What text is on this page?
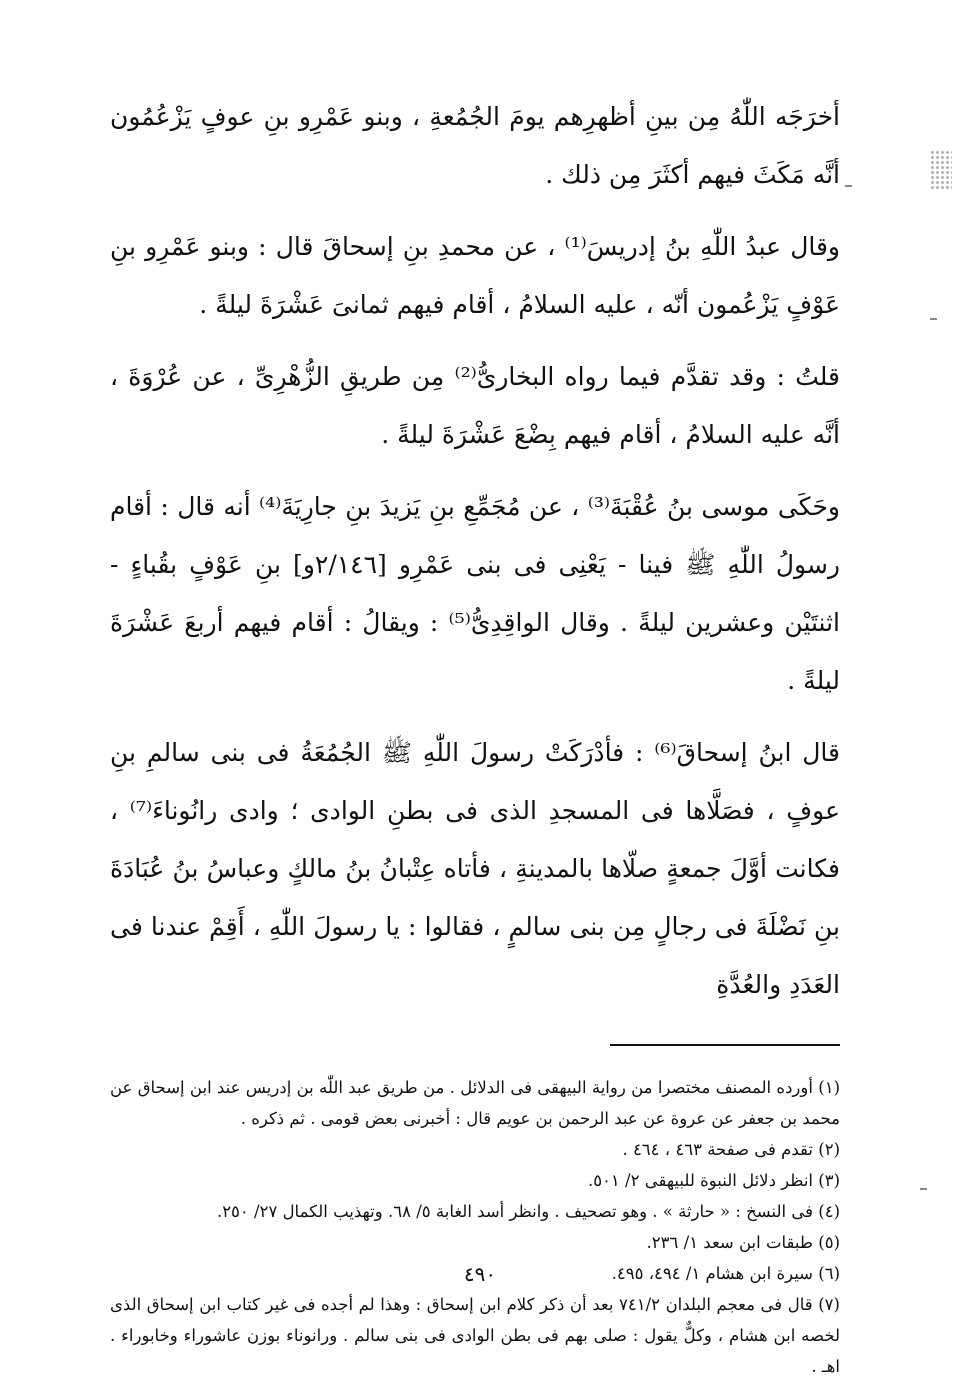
أخرَجَه اللّٰهُ مِن بينِ أظهرِهم يومَ الجُمُعةِ ، وبنو عَمْرِو بنِ عوفٍ يَزْعُمُون أنَّه مَكَثَ فيهم أكثَرَ مِن ذلك .

وقال عبدُ اللّٰهِ بنُ إدريسَ⁽¹⁾ ، عن محمدِ بنِ إسحاقَ قال : وبنو عَمْرِو بنِ عَوْفٍ يَزْعُمون أنّه ، عليه السلامُ ، أقام فيهم ثمانىَ عَشْرَةَ ليلةً .

قلتُ : وقد تقدَّم فيما رواه البخارىُّ⁽²⁾ مِن طريقِ الزُّهْرِىِّ ، عن عُرْوَةَ ، أنَّه عليه السلامُ ، أقام فيهم بِضْعَ عَشْرَةَ ليلةً .

وحَكَى موسى بنُ عُقْبَةَ⁽³⁾ ، عن مُجَمِّعِ بنِ يَزيدَ بنِ جارِيَةَ⁽⁴⁾ أنه قال : أقام رسولُ اللّٰهِ ﷺ فينا - يَعْنِى فى بنى عَمْرِو [٢/١٤٦و] بنِ عَوْفٍ بقُباءٍ - اثنتَيْن وعشرين ليلةً . وقال الواقِدِىُّ⁽⁵⁾ : ويقالُ : أقام فيهم أربعَ عَشْرَةَ ليلةً .

قال ابنُ إسحاقَ⁽⁶⁾ : فأدْرَكَتْ رسولَ اللّٰهِ ﷺ الجُمُعَةُ فى بنى سالمِ بنِ عوفٍ ، فصَلَّاها فى المسجدِ الذى فى بطنِ الوادى ؛ وادى رانُوناءَ⁽⁷⁾ ، فكانت أوَّلَ جمعةٍ صلّاها بالمدينةِ ، فأتاه عِتْبانُ بنُ مالكٍ وعباسُ بنُ عُبَادَةَ بنِ نَضْلَةَ فى رجالٍ مِن بنى سالمٍ ، فقالوا : يا رسولَ اللّٰهِ ، أَقِمْ عندنا فى العَدَدِ والعُدَّةِ

(١) أورده المصنف مختصرا من رواية البيهقى فى الدلائل . من طريق عبد اللّٰه بن إدريس عند ابن إسحاق عن محمد بن جعفر عن عروة عن عبد الرحمن بن عويم قال : أخبرنى بعض قومى . ثم ذكره .

(٢) تقدم فى صفحة ٤٦٣ ، ٤٦٤ .

(٣) انظر دلائل النبوة للبيهقى ٢/ ٥٠١.

(٤) فى النسخ : « حارثة » . وهو تصحيف . وانظر أسد الغابة ٥/ ٦٨. وتهذيب الكمال ٢٧/ ٢٥٠.

(٥) طبقات ابن سعد ١/ ٢٣٦.

(٦) سيرة ابن هشام ١/ ٤٩٤، ٤٩٥.

(٧) قال فى معجم البلدان ٧٤١/٢ بعد أن ذكر كلام ابن إسحاق : وهذا لم أجده فى غير كتاب ابن إسحاق الذى لخصه ابن هشام ، وكلٌّ يقول : صلى بهم فى بطن الوادى فى بنى سالم . ورانوناء بوزن عاشوراء وخابوراء . اهـ .

٤٩٠
